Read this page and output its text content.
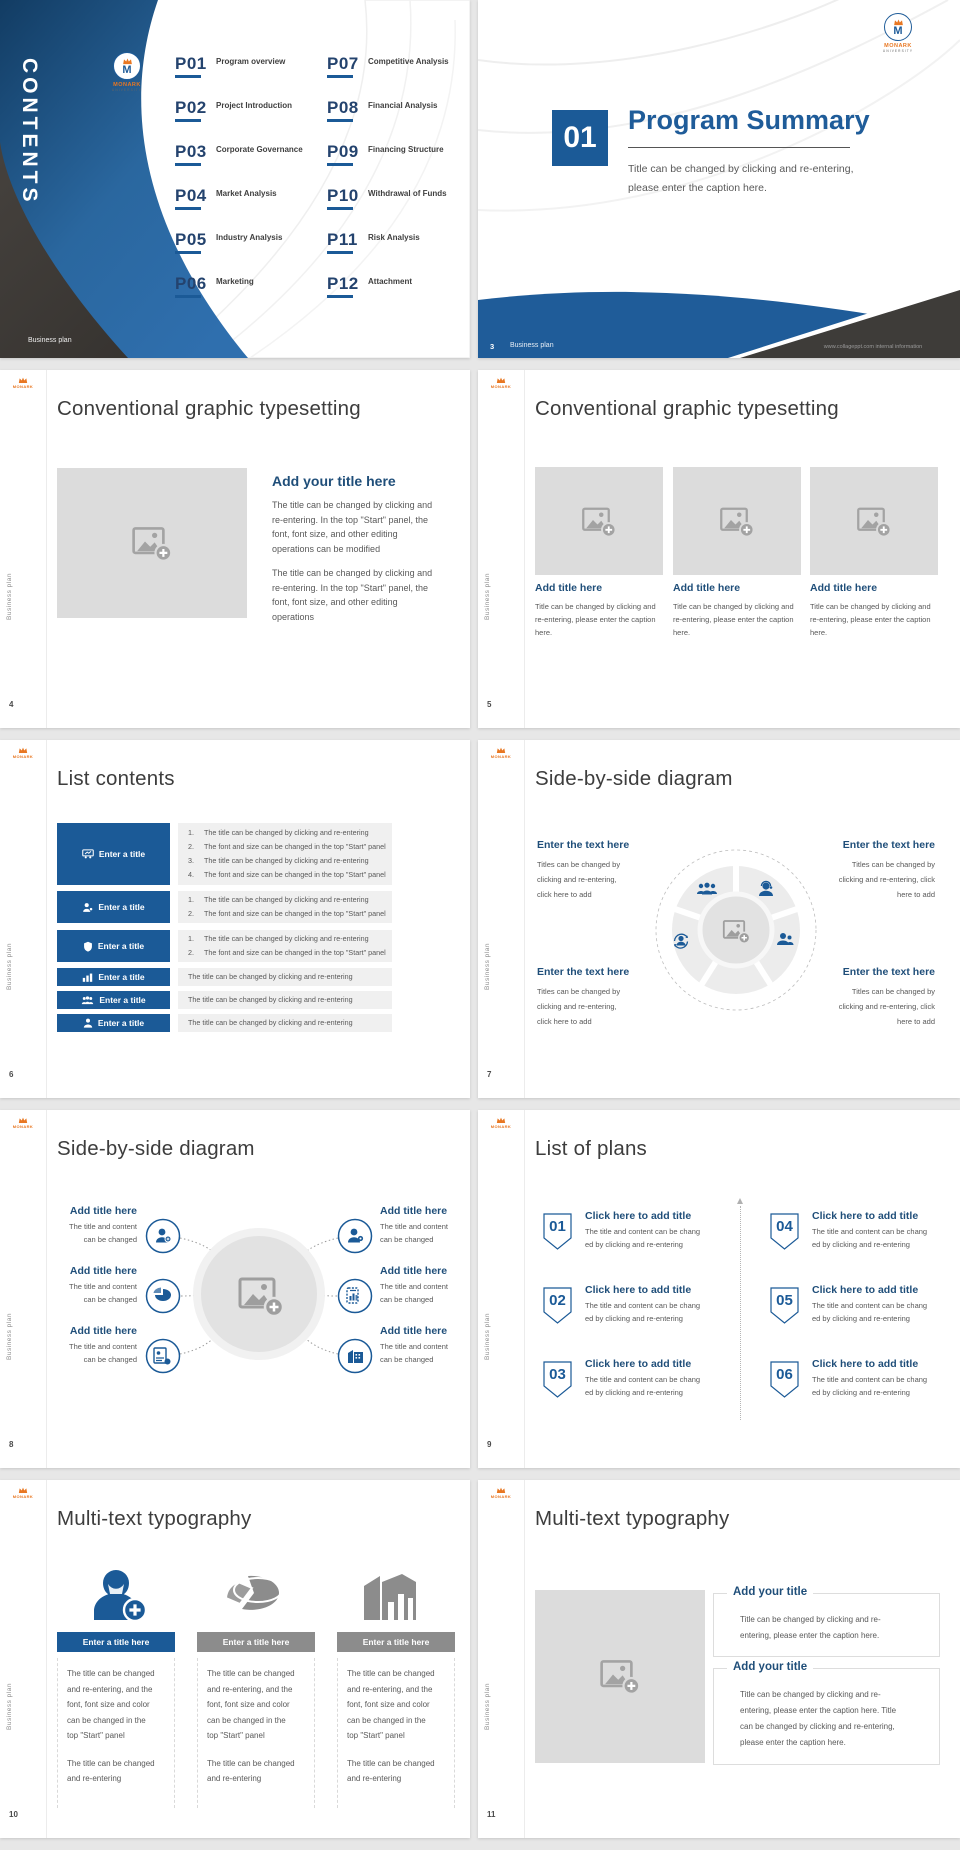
CONTENTS	M
MONARK
UNIVERSITY
P01	Program overview
P02	Project Introduction
P03	Corporate Governance
P04	Market Analysis
P05	Industry Analysis
P06	Marketing
P07	Competitive Analysis
P08	Financial Analysis
P09	Financing Structure
P10	Withdrawal of Funds
P11	Risk Analysis
P12	Attachment
Business plan
M
MONARK
UNIVERSITY
01
Program Summary
Title can be changed by clicking and re-entering,
please enter the caption here.
3 Business plan	www.collageppt.com internal information
MONARK
Business plan
4
Conventional graphic typesetting
Add your title here
The title can be changed by clicking and re-entering. In the top "Start" panel, the font, font size, and other editing operations can be modified
The title can be changed by clicking and re-entering. In the top "Start" panel, the font, font size, and other editing operations
MONARK
Business plan
5
Conventional graphic typesetting
Add title here	Add title here	Add title here
Title can be changed by clicking and re-entering, please enter the caption here.
Title can be changed by clicking and re-entering, please enter the caption here.
Title can be changed by clicking and re-entering, please enter the caption here.
MONARK
Business plan
6
List contents
Enter a title
1.	The title can be changed by clicking and re-entering
2.	The font and size can be changed in the top "Start" panel
3.	The title can be changed by clicking and re-entering
4.	The font and size can be changed in the top "Start" panel
Enter a title
1.	The title can be changed by clicking and re-entering
2.	The font and size can be changed in the top "Start" panel
Enter a title
1.	The title can be changed by clicking and re-entering
2.	The font and size can be changed in the top "Start" panel
Enter a title	The title can be changed by clicking and re-entering
Enter a title	The title can be changed by clicking and re-entering
Enter a title	The title can be changed by clicking and re-entering
MONARK
Business plan
7
Side-by-side diagram
Enter the text here
Titles can be changed by
clicking and re-entering,
click here to add
Enter the text here
Titles can be changed by
clicking and re-entering, click
here to add
Enter the text here
Titles can be changed by
clicking and re-entering,
click here to add
Enter the text here
Titles can be changed by
clicking and re-entering, click
here to add
MONARK
Business plan
8
Side-by-side diagram
Add title here
The title and content
can be changed
Add title here
The title and content
can be changed
Add title here
The title and content
can be changed
Add title here
The title and content
can be changed
Add title here
The title and content
can be changed
Add title here
The title and content
can be changed
MONARK
Business plan
9
List of plans
01
Click here to add title
The title and content can be chang
ed by clicking and re-entering
02
Click here to add title
The title and content can be chang
ed by clicking and re-entering
03
Click here to add title
The title and content can be chang
ed by clicking and re-entering
04
Click here to add title
The title and content can be chang
ed by clicking and re-entering
05
Click here to add title
The title and content can be chang
ed by clicking and re-entering
06
Click here to add title
The title and content can be chang
ed by clicking and re-entering
MONARK
Business plan
10
Multi-text typography
Enter a title here	Enter a title here	Enter a title here
The title can be changed
and re-entering, and the
font, font size and color
can be changed in the
top "Start" panel
The title can be changed
and re-entering
The title can be changed
and re-entering, and the
font, font size and color
can be changed in the
top "Start" panel
The title can be changed
and re-entering
The title can be changed
and re-entering, and the
font, font size and color
can be changed in the
top "Start" panel
The title can be changed
and re-entering
MONARK
Business plan
11
Multi-text typography
Add your title
Title can be changed by clicking and re-
entering, please enter the caption here.
Add your title
Title can be changed by clicking and re-
entering, please enter the caption here. Title
can be changed by clicking and re-entering,
please enter the caption here.
